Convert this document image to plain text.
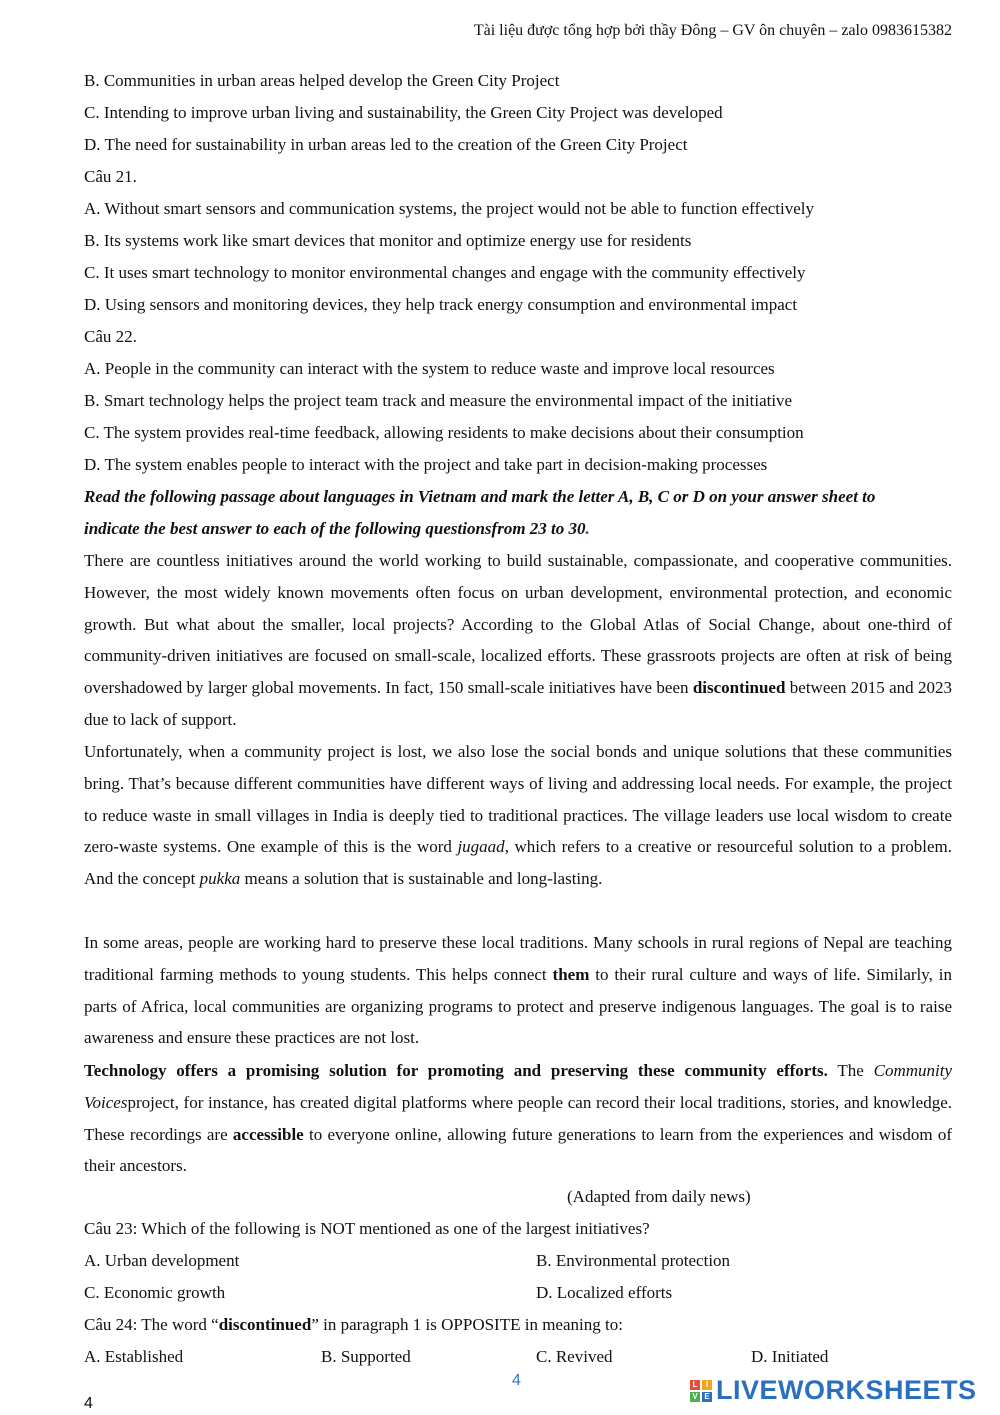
Tài liệu được tổng hợp bởi thầy Đông – GV ôn chuyên – zalo 0983615382
B. Communities in urban areas helped develop the Green City Project
C. Intending to improve urban living and sustainability, the Green City Project was developed
D. The need for sustainability in urban areas led to the creation of the Green City Project
Câu 21.
A. Without smart sensors and communication systems, the project would not be able to function effectively
B. Its systems work like smart devices that monitor and optimize energy use for residents
C. It uses smart technology to monitor environmental changes and engage with the community effectively
D. Using sensors and monitoring devices, they help track energy consumption and environmental impact
Câu 22.
A. People in the community can interact with the system to reduce waste and improve local resources
B. Smart technology helps the project team track and measure the environmental impact of the initiative
C. The system provides real-time feedback, allowing residents to make decisions about their consumption
D. The system enables people to interact with the project and take part in decision-making processes
Read the following passage about languages in Vietnam and mark the letter A, B, C or D on your answer sheet to
indicate the best answer to each of the following questionsfrom 23 to 30.
There are countless initiatives around the world working to build sustainable, compassionate, and cooperative communities. However, the most widely known movements often focus on urban development, environmental protection, and economic growth. But what about the smaller, local projects? According to the Global Atlas of Social Change, about one-third of community-driven initiatives are focused on small-scale, localized efforts. These grassroots projects are often at risk of being overshadowed by larger global movements. In fact, 150 small-scale initiatives have been discontinued between 2015 and 2023 due to lack of support.
Unfortunately, when a community project is lost, we also lose the social bonds and unique solutions that these communities bring. That’s because different communities have different ways of living and addressing local needs. For example, the project to reduce waste in small villages in India is deeply tied to traditional practices. The village leaders use local wisdom to create zero-waste systems. One example of this is the word jugaad, which refers to a creative or resourceful solution to a problem. And the concept pukka means a solution that is sustainable and long-lasting.
In some areas, people are working hard to preserve these local traditions. Many schools in rural regions of Nepal are teaching traditional farming methods to young students. This helps connect them to their rural culture and ways of life. Similarly, in parts of Africa, local communities are organizing programs to protect and preserve indigenous languages. The goal is to raise awareness and ensure these practices are not lost.
Technology offers a promising solution for promoting and preserving these community efforts. The Community Voicesproject, for instance, has created digital platforms where people can record their local traditions, stories, and knowledge. These recordings are accessible to everyone online, allowing future generations to learn from the experiences and wisdom of their ancestors.
(Adapted from daily news)
Câu 23: Which of the following is NOT mentioned as one of the largest initiatives?
A. Urban development	B. Environmental protection
C. Economic growth	D. Localized efforts
Câu 24: The word “discontinued” in paragraph 1 is OPPOSITE in meaning to:
A. Established	B. Supported	C. Revived	D. Initiated
4
4
L	I
V E LIVEWORKSHEETS
